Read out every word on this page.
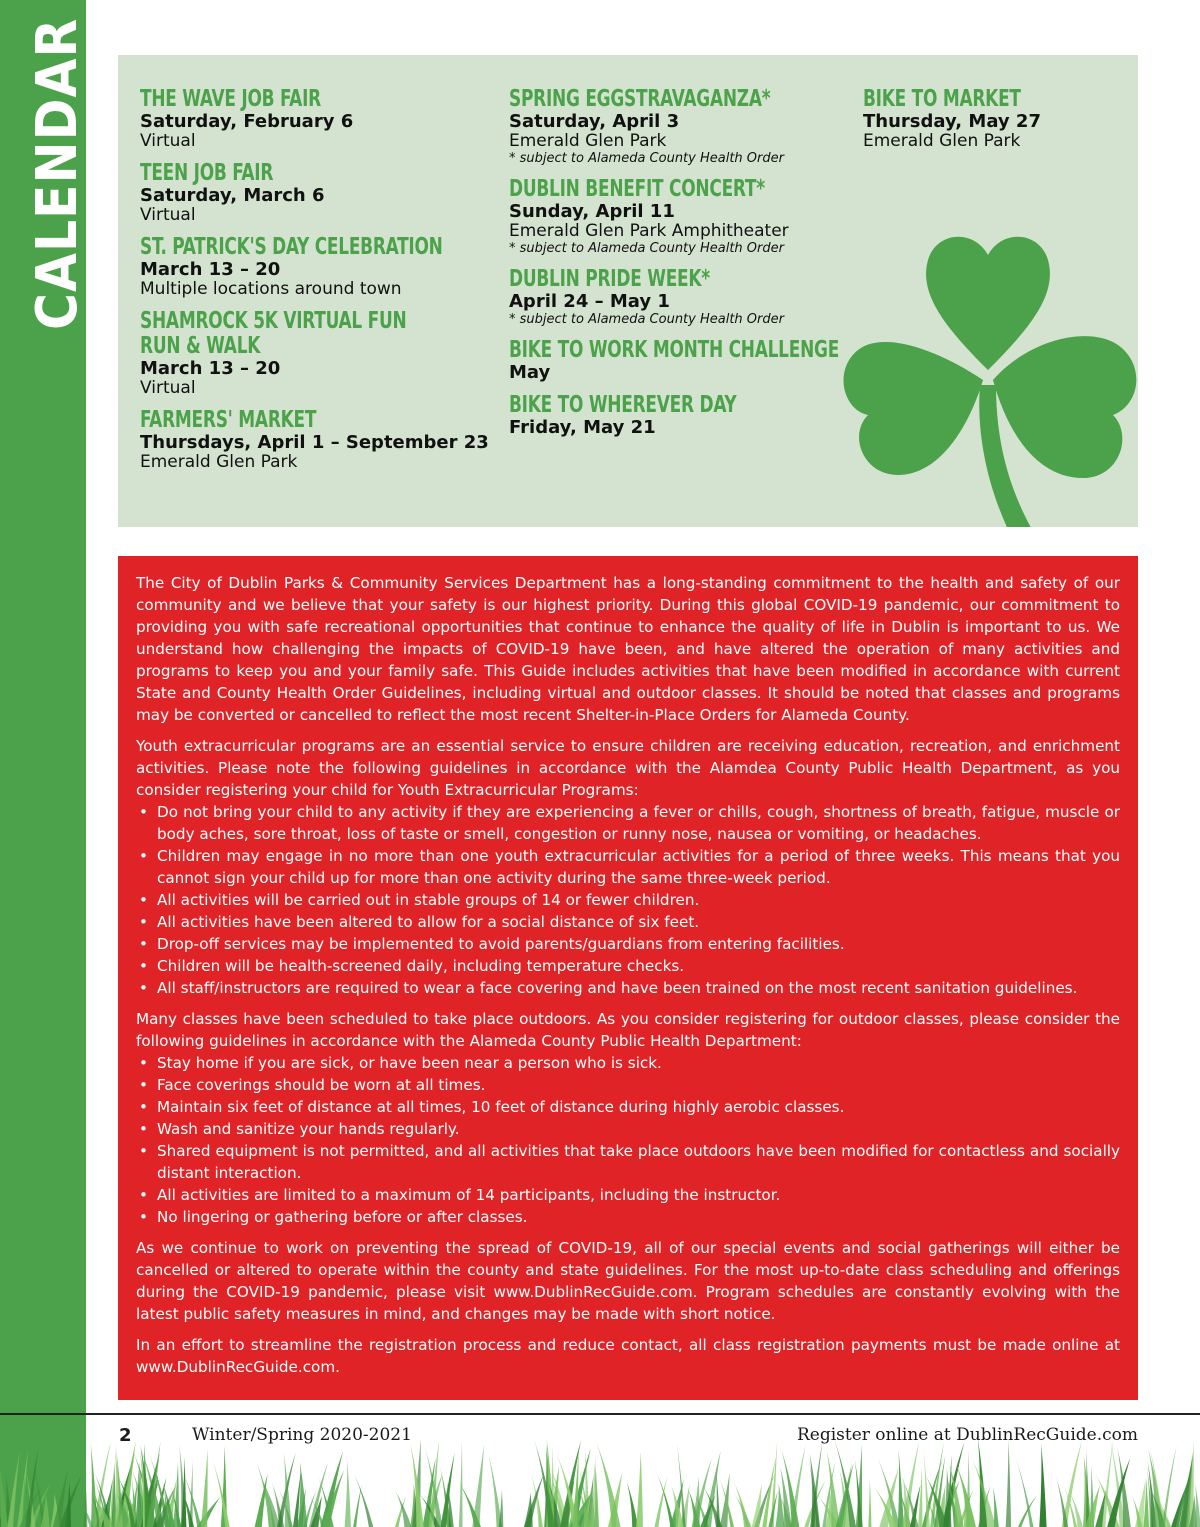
CALENDAR THE WAVE JOB FAIR
Saturday, February 6
Virtual
TEEN JOB FAIR
Saturday, March 6
Virtual
ST. PATRICK'S DAY CELEBRATION
March 13 – 20
Multiple locations around town
SHAMROCK 5K VIRTUAL FUN RUN & WALK
March 13 – 20
Virtual
FARMERS' MARKET
Thursdays, April 1 – September 23
Emerald Glen Park
SPRING EGGSTRAVAGANZA*
Saturday, April 3
Emerald Glen Park
* subject to Alameda County Health Order
DUBLIN BENEFIT CONCERT*
Sunday, April 11
Emerald Glen Park Amphitheater
* subject to Alameda County Health Order
DUBLIN PRIDE WEEK*
April 24 – May 1
* subject to Alameda County Health Order
BIKE TO WORK MONTH CHALLENGE
May
BIKE TO WHEREVER DAY
Friday, May 21
BIKE TO MARKET
Thursday, May 27
Emerald Glen Park

The City of Dublin Parks & Community Services Department has a long-standing commitment to the health and safety of our community and we believe that your safety is our highest priority. During this global COVID-19 pandemic, our commitment to providing you with safe recreational opportunities that continue to enhance the quality of life in Dublin is important to us. We understand how challenging the impacts of COVID-19 have been, and have altered the operation of many activities and programs to keep you and your family safe. This Guide includes activities that have been modified in accordance with current State and County Health Order Guidelines, including virtual and outdoor classes. It should be noted that classes and programs may be converted or cancelled to reflect the most recent Shelter-in-Place Orders for Alameda County.

Youth extracurricular programs are an essential service to ensure children are receiving education, recreation, and enrichment activities. Please note the following guidelines in accordance with the Alamdea County Public Health Department, as you consider registering your child for Youth Extracurricular Programs:

• Do not bring your child to any activity if they are experiencing a fever or chills, cough, shortness of breath, fatigue, muscle or body aches, sore throat, loss of taste or smell, congestion or runny nose, nausea or vomiting, or headaches.
• Children may engage in no more than one youth extracurricular activities for a period of three weeks. This means that you cannot sign your child up for more than one activity during the same three-week period.
• All activities will be carried out in stable groups of 14 or fewer children.
• All activities have been altered to allow for a social distance of six feet.
• Drop-off services may be implemented to avoid parents/guardians from entering facilities.
• Children will be health-screened daily, including temperature checks.
• All staff/instructors are required to wear a face covering and have been trained on the most recent sanitation guidelines.

Many classes have been scheduled to take place outdoors. As you consider registering for outdoor classes, please consider the following guidelines in accordance with the Alameda County Public Health Department:

• Stay home if you are sick, or have been near a person who is sick.
• Face coverings should be worn at all times.
• Maintain six feet of distance at all times, 10 feet of distance during highly aerobic classes.
• Wash and sanitize your hands regularly.
• Shared equipment is not permitted, and all activities that take place outdoors have been modified for contactless and socially distant interaction.
• All activities are limited to a maximum of 14 participants, including the instructor.
• No lingering or gathering before or after classes.

As we continue to work on preventing the spread of COVID-19, all of our special events and social gatherings will either be cancelled or altered to operate within the county and state guidelines. For the most up-to-date class scheduling and offerings during the COVID-19 pandemic, please visit www.DublinRecGuide.com. Program schedules are constantly evolving with the latest public safety measures in mind, and changes may be made with short notice.

In an effort to streamline the registration process and reduce contact, all class registration payments must be made online at www.DublinRecGuide.com.

2	Winter/Spring 2020-2021	Register online at DublinRecGuide.com
